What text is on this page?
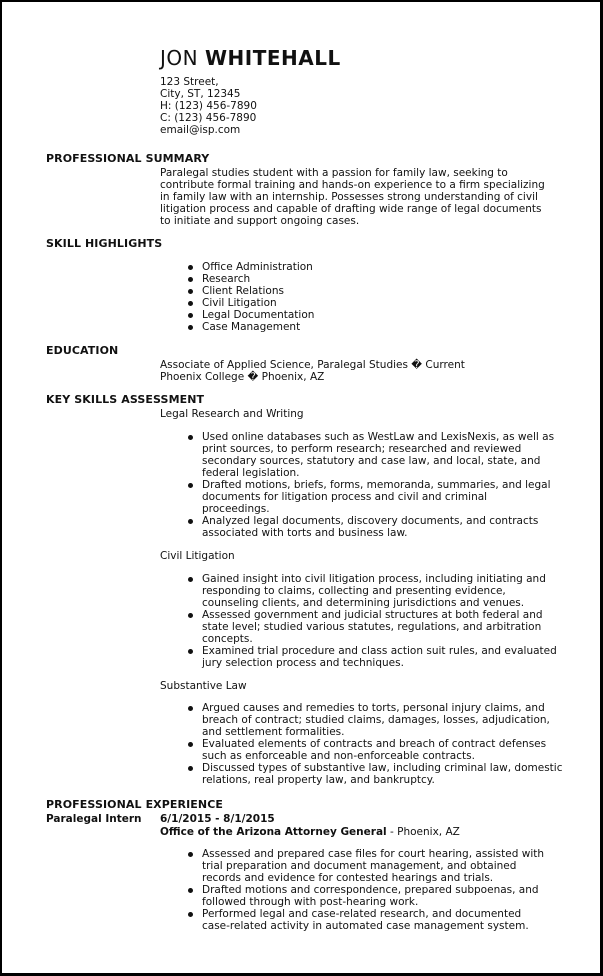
JON WHITEHALL
123 Street,
City, ST, 12345
H: (123) 456-7890
C: (123) 456-7890
email@isp.com
PROFESSIONAL SUMMARY
Paralegal studies student with a passion for family law, seeking to
contribute formal training and hands-on experience to a firm specializing
in family law with an internship. Possesses strong understanding of civil
litigation process and capable of drafting wide range of legal documents
to initiate and support ongoing cases.
SKILL HIGHLIGHTS
Office Administration
Research
Client Relations
Civil Litigation
Legal Documentation
Case Management
EDUCATION
Associate of Applied Science, Paralegal Studies � Current
Phoenix College � Phoenix, AZ
KEY SKILLS ASSESSMENT
Legal Research and Writing
Used online databases such as WestLaw and LexisNexis, as well as
print sources, to perform research; researched and reviewed
secondary sources, statutory and case law, and local, state, and
federal legislation.
Drafted motions, briefs, forms, memoranda, summaries, and legal
documents for litigation process and civil and criminal
proceedings.
Analyzed legal documents, discovery documents, and contracts
associated with torts and business law.
Civil Litigation
Gained insight into civil litigation process, including initiating and
responding to claims, collecting and presenting evidence,
counseling clients, and determining jurisdictions and venues.
Assessed government and judicial structures at both federal and
state level; studied various statutes, regulations, and arbitration
concepts.
Examined trial procedure and class action suit rules, and evaluated
jury selection process and techniques.
Substantive Law
Argued causes and remedies to torts, personal injury claims, and
breach of contract; studied claims, damages, losses, adjudication,
and settlement formalities.
Evaluated elements of contracts and breach of contract defenses
such as enforceable and non-enforceable contracts.
Discussed types of substantive law, including criminal law, domestic
relations, real property law, and bankruptcy.
PROFESSIONAL EXPERIENCE
Paralegal Intern 6/1/2015 - 8/1/2015
Office of the Arizona Attorney General - Phoenix, AZ
Assessed and prepared case files for court hearing, assisted with
trial preparation and document management, and obtained
records and evidence for contested hearings and trials.
Drafted motions and correspondence, prepared subpoenas, and
followed through with post-hearing work.
Performed legal and case-related research, and documented
case-related activity in automated case management system.
